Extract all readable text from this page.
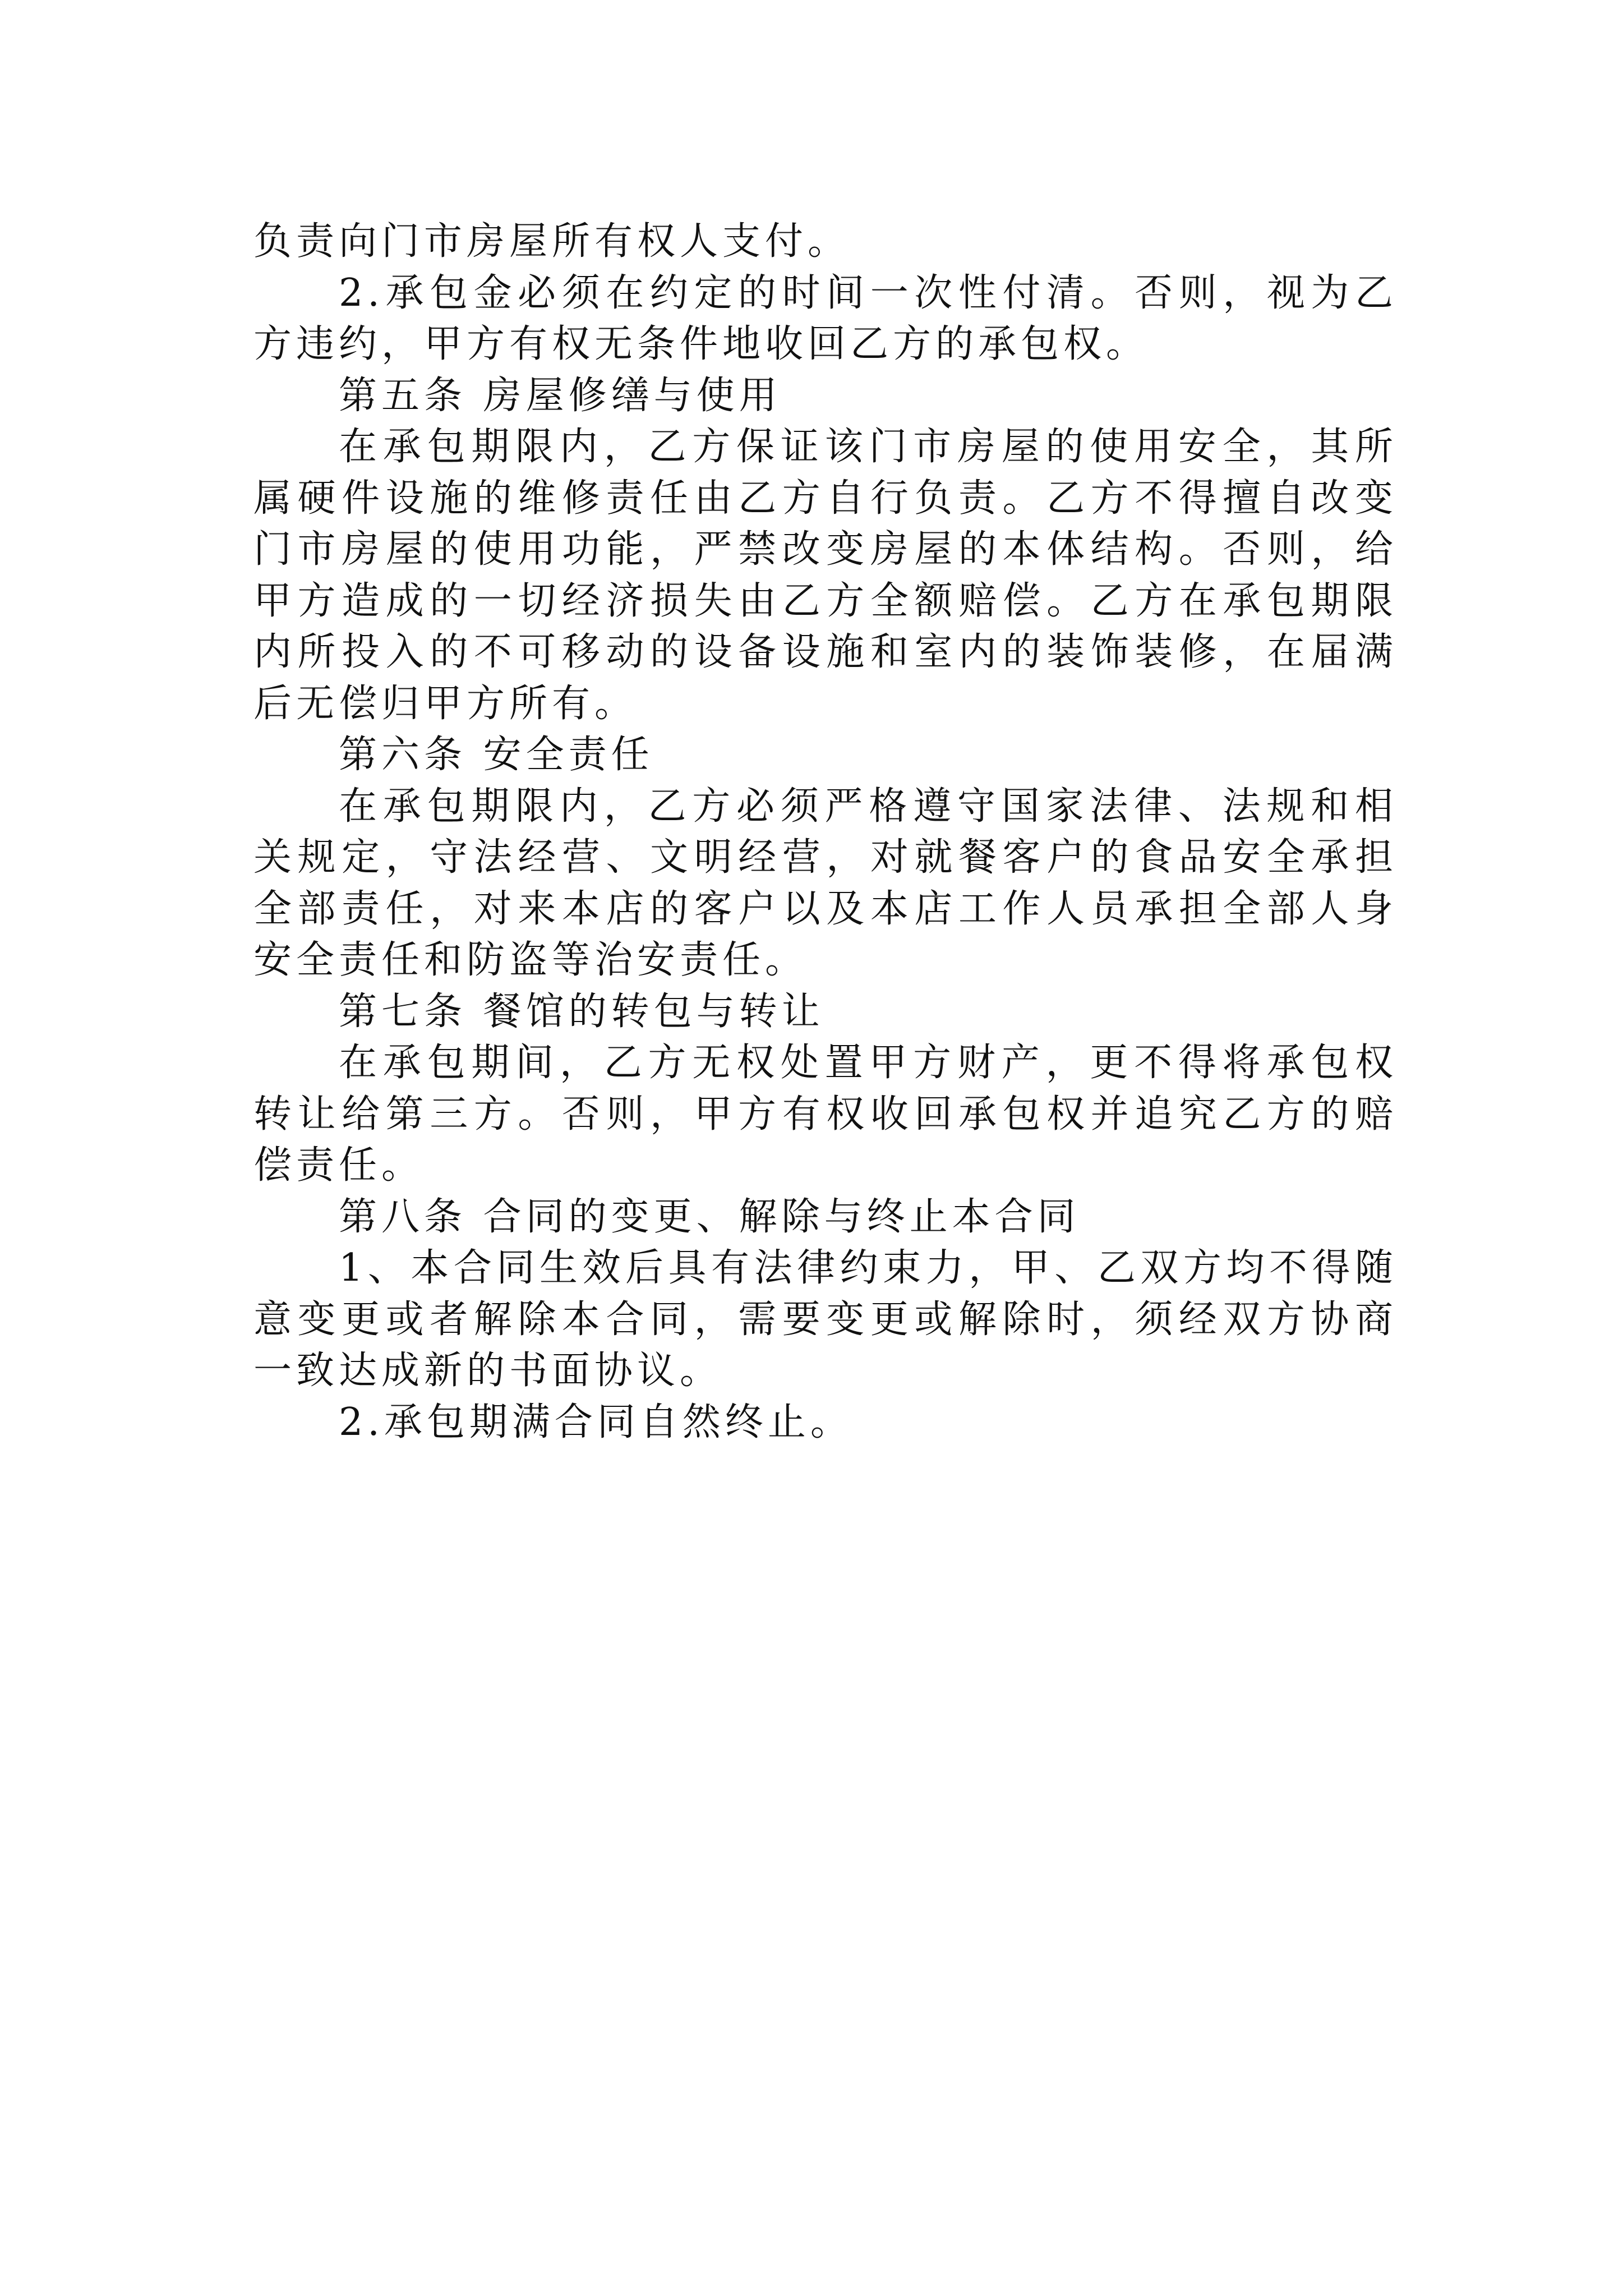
负责向门市房屋所有权人支付。

2.承包金必须在约定的时间一次性付清。否则，视为乙方违约，甲方有权无条件地收回乙方的承包权。

第五条 房屋修缮与使用

在承包期限内，乙方保证该门市房屋的使用安全，其所属硬件设施的维修责任由乙方自行负责。乙方不得擅自改变门市房屋的使用功能，严禁改变房屋的本体结构。否则，给甲方造成的一切经济损失由乙方全额赔偿。乙方在承包期限内所投入的不可移动的设备设施和室内的装饰装修，在届满后无偿归甲方所有。

第六条 安全责任

在承包期限内，乙方必须严格遵守国家法律、法规和相关规定，守法经营、文明经营，对就餐客户的食品安全承担全部责任，对来本店的客户以及本店工作人员承担全部人身安全责任和防盗等治安责任。

第七条 餐馆的转包与转让

在承包期间，乙方无权处置甲方财产，更不得将承包权转让给第三方。否则，甲方有权收回承包权并追究乙方的赔偿责任。

第八条 合同的变更、解除与终止本合同

1、本合同生效后具有法律约束力，甲、乙双方均不得随意变更或者解除本合同，需要变更或解除时，须经双方协商一致达成新的书面协议。

2.承包期满合同自然终止。
